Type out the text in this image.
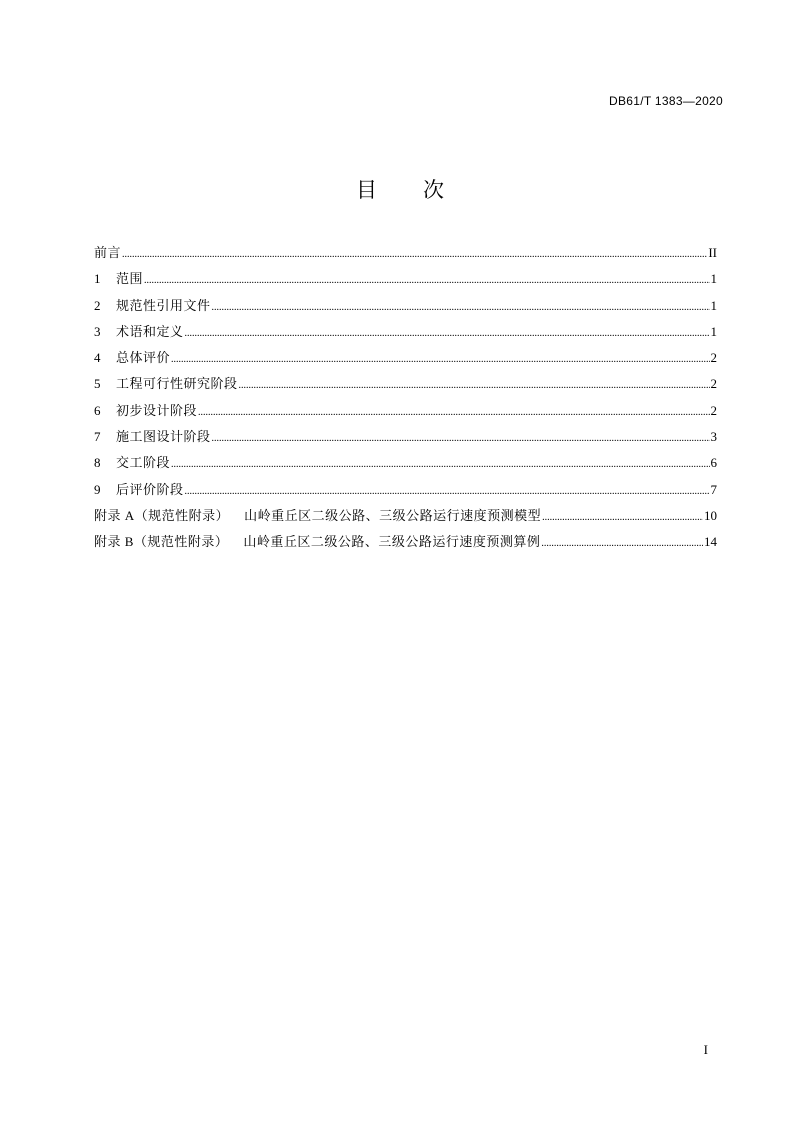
DB61/T 1383—2020
目 次
前言 .....	II
1	范围 .....	1
2	规范性引用文件 .....	1
3	术语和定义 .....	1
4	总体评价 .....	2
5	工程可行性研究阶段 .....	2
6	初步设计阶段 .....	2
7	施工图设计阶段 .....	3
8	交工阶段 .....	6
9	后评价阶段 .....	7
附录 A（规范性附录）    山岭重丘区二级公路、三级公路运行速度预测模型 .....	10
附录 B（规范性附录）    山岭重丘区二级公路、三级公路运行速度预测算例 .....	14
I
